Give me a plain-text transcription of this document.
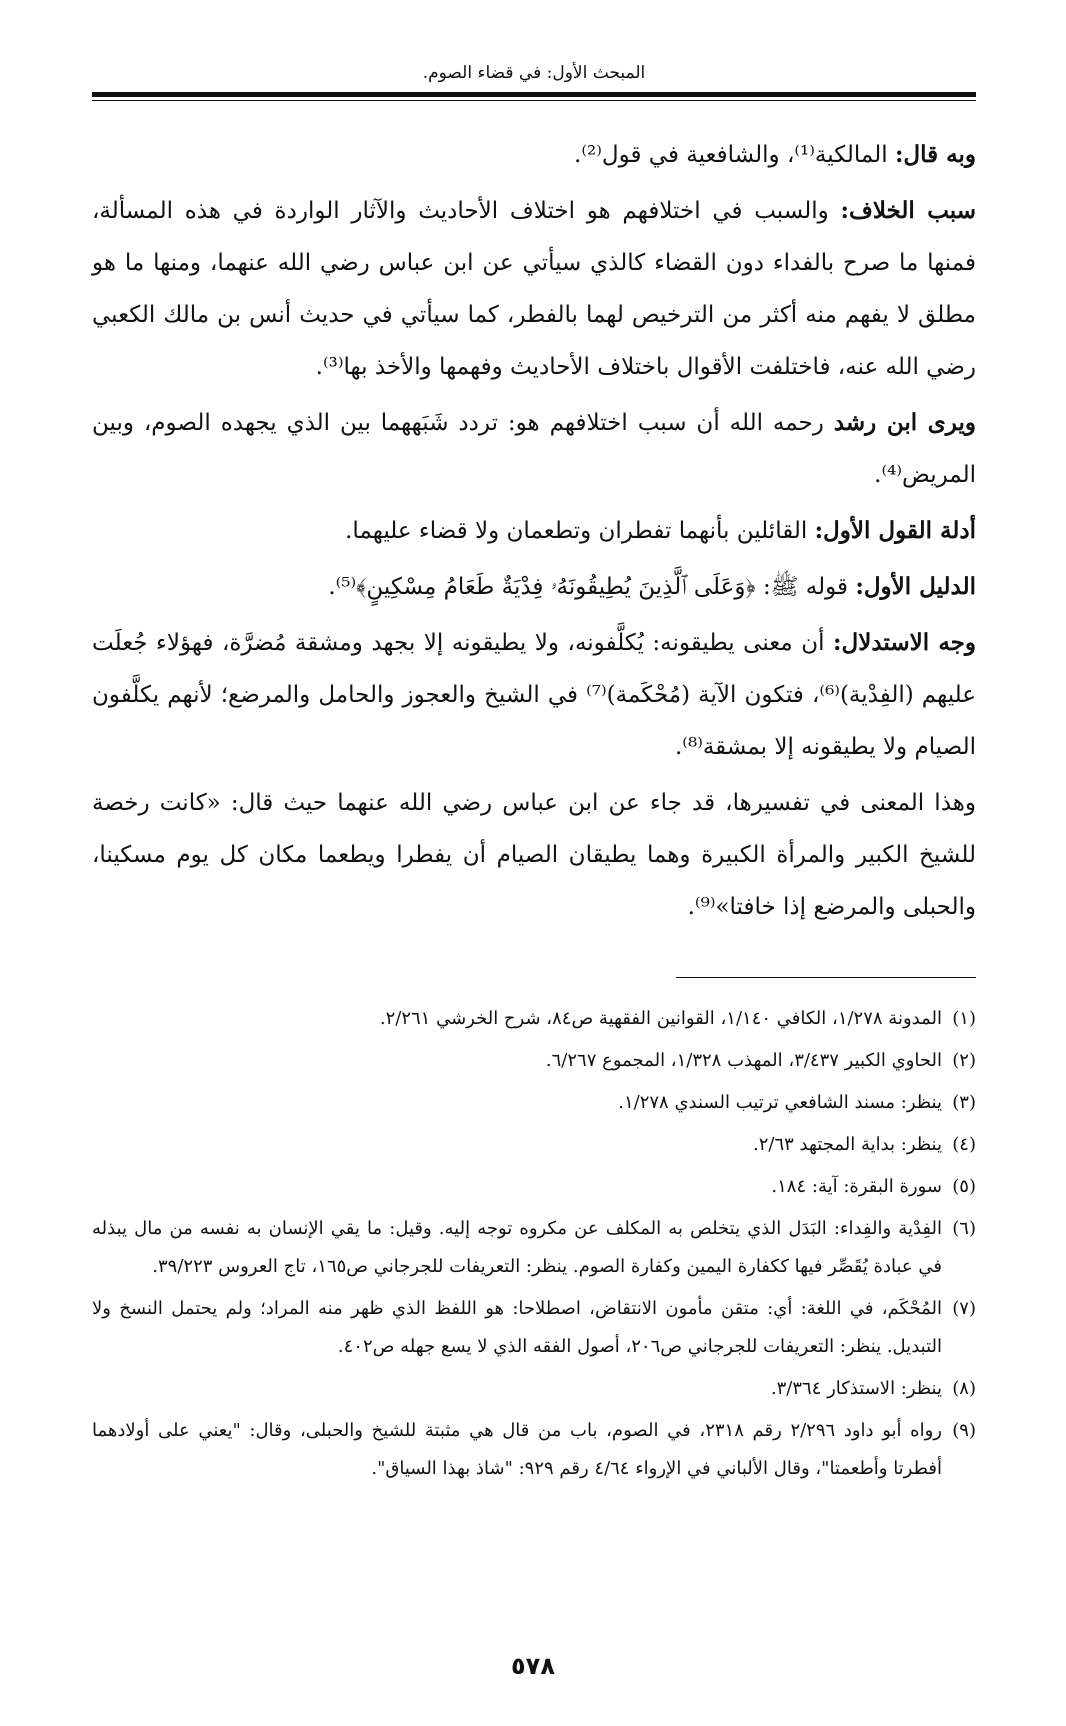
المبحث الأول: في قضاء الصوم.

وبه قال: المالكية⁽¹⁾، والشافعية في قول⁽²⁾.

سبب الخلاف: والسبب في اختلافهم هو اختلاف الأحاديث والآثار الواردة في هذه المسألة، فمنها ما صرح بالفداء دون القضاء كالذي سيأتي عن ابن عباس رضي الله عنهما، ومنها ما هو مطلق لا يفهم منه أكثر من الترخيص لهما بالفطر، كما سيأتي في حديث أنس بن مالك الكعبي رضي الله عنه، فاختلفت الأقوال باختلاف الأحاديث وفهمها والأخذ بها⁽³⁾.

ويرى ابن رشد رحمه الله أن سبب اختلافهم هو: تردد شَبَههما بين الذي يجهده الصوم، وبين المريض⁽⁴⁾.

أدلة القول الأول: القائلين بأنهما تفطران وتطعمان ولا قضاء عليهما.

الدليل الأول: قوله ﷺ: ﴿وَعَلَى ٱلَّذِينَ يُطِيقُونَهُۥ فِدْيَةٌ طَعَامُ مِسْكِينٍ﴾⁽⁵⁾.

وجه الاستدلال: أن معنى يطيقونه: يُكلَّفونه، ولا يطيقونه إلا بجهد ومشقة مُضرَّة، فهؤلاء جُعلَت عليهم (الفِدْية)⁽⁶⁾، فتكون الآية (مُحْكَمة)⁽⁷⁾ في الشيخ والعجوز والحامل والمرضع؛ لأنهم يكلَّفون الصيام ولا يطيقونه إلا بمشقة⁽⁸⁾.

وهذا المعنى في تفسيرها، قد جاء عن ابن عباس رضي الله عنهما حيث قال: «كانت رخصة للشيخ الكبير والمرأة الكبيرة وهما يطيقان الصيام أن يفطرا ويطعما مكان كل يوم مسكينا، والحبلى والمرضع إذا خافتا»⁽⁹⁾.

(١)المدونة ١/٢٧٨، الكافي ١/١٤٠، القوانين الفقهية ص٨٤، شرح الخرشي ٢/٢٦١.

(٢)الحاوي الكبير ٣/٤٣٧، المهذب ١/٣٢٨، المجموع ٦/٢٦٧.

(٣)ينظر: مسند الشافعي ترتيب السندي ١/٢٧٨.

(٤)ينظر: بداية المجتهد ٢/٦٣.

(٥)سورة البقرة: آية: ١٨٤.

(٦)الفِدْية والفِداء: البَدَل الذي يتخلص به المكلف عن مكروه توجه إليه. وقيل: ما يقي الإنسان به نفسه من مال يبذله في عبادة يُقَصِّر فيها ككفارة اليمين وكفارة الصوم. ينظر: التعريفات للجرجاني ص١٦٥، تاج العروس ٣٩/٢٢٣.

(٧)المُحْكَم، في اللغة: أي: متقن مأمون الانتقاض، اصطلاحا: هو اللفظ الذي ظهر منه المراد؛ ولم يحتمل النسخ ولا التبديل. ينظر: التعريفات للجرجاني ص٢٠٦، أصول الفقه الذي لا يسع جهله ص٤٠٢.

(٨)ينظر: الاستذكار ٣/٣٦٤.

(٩)رواه أبو داود ٢/٢٩٦ رقم ٢٣١٨، في الصوم، باب من قال هي مثبتة للشيخ والحبلى، وقال: "يعني على أولادهما أفطرتا وأطعمتا"، وقال الألباني في الإرواء ٤/٦٤ رقم ٩٢٩: "شاذ بهذا السياق".

٥٧٨
